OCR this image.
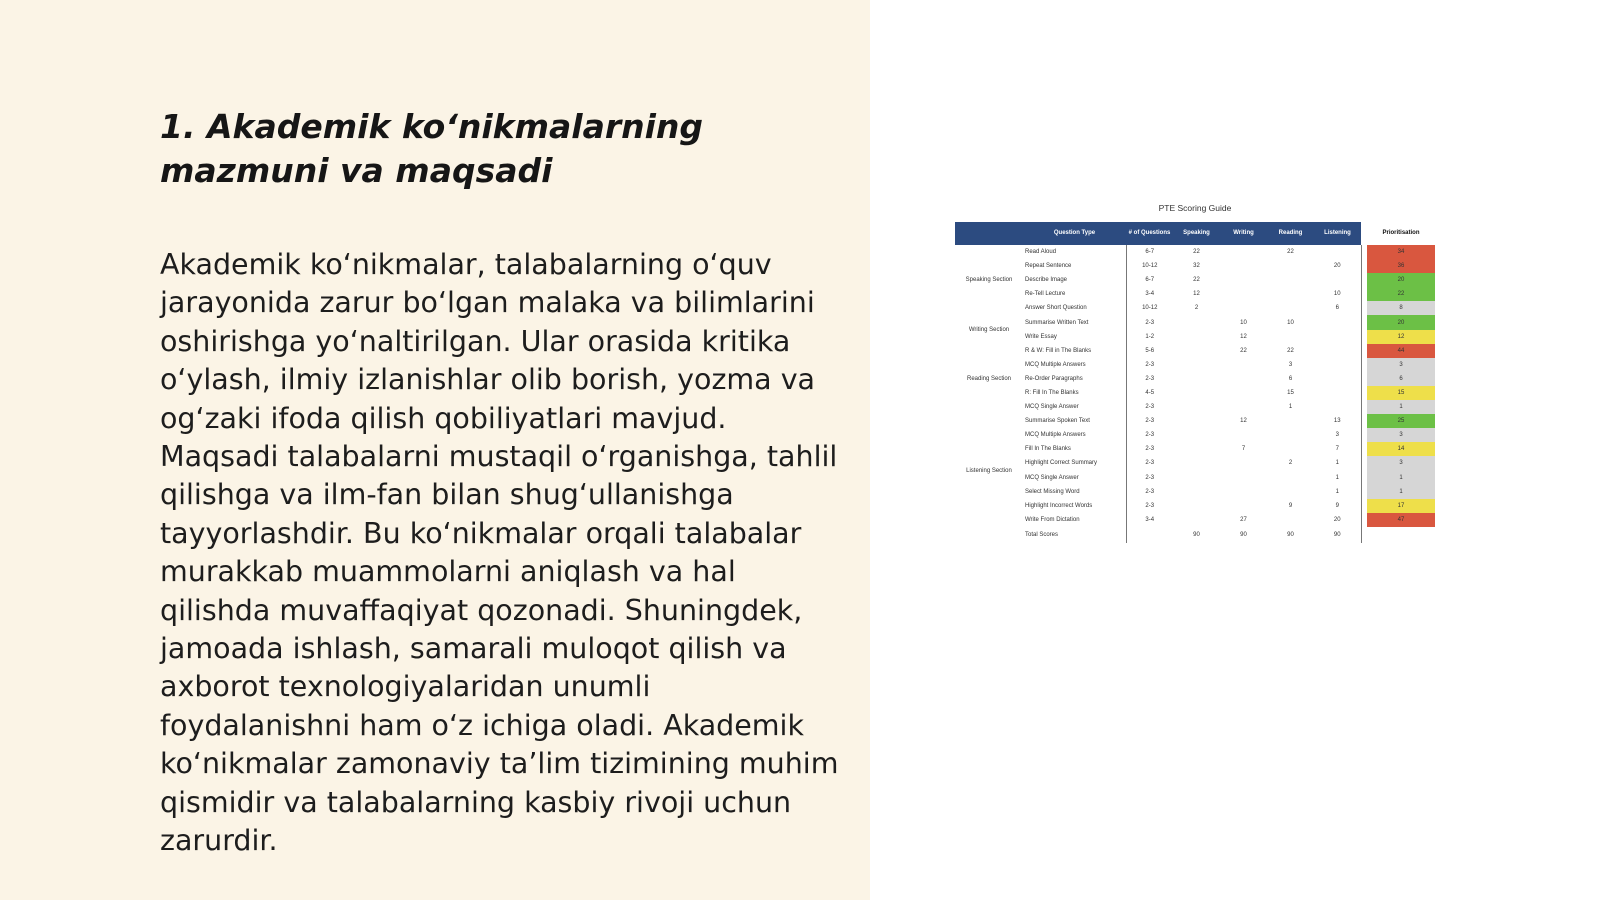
1. Akademik ko‘nikmalarning mazmuni va maqsadi

Akademik ko‘nikmalar, talabalarning o‘quv jarayonida zarur bo‘lgan malaka va bilimlarini oshirishga yo‘naltirilgan. Ular orasida kritika o‘ylash, ilmiy izlanishlar olib borish, yozma va og‘zaki ifoda qilish qobiliyatlari mavjud. Maqsadi talabalarni mustaqil o‘rganishga, tahlil qilishga va ilm-fan bilan shug‘ullanishga tayyorlashdir. Bu ko‘nikmalar orqali talabalar murakkab muammolarni aniqlash va hal qilishda muvaffaqiyat qozonadi. Shuningdek, jamoada ishlash, samarali muloqot qilish va axborot texnologiyalaridan unumli foydalanishni ham o‘z ichiga oladi. Akademik ko‘nikmalar zamonaviy ta’lim tizimining muhim qismidir va talabalarning kasbiy rivoji uchun zarurdir.

PTE Scoring Guide
	Question Type	# of Questions	Speaking	Writing	Reading	Listening		Prioritisation
Speaking Section	Read Aloud	6-7	22		22			34
	Repeat Sentence	10-12	32			20		36
	Describe Image	6-7	22					20
	Re-Tell Lecture	3-4	12			10		22
	Answer Short Question	10-12	2			6		8
Writing Section	Summarise Written Text	2-3		10	10			20
	Write Essay	1-2		12				12
Reading Section	R & W: Fill in The Blanks	5-6		22	22			44
	MCQ Multiple Answers	2-3			3			3
	Re-Order Paragraphs	2-3			6			6
	R: Fill In The Blanks	4-5			15			15
	MCQ Single Answer	2-3			1			1
Listening Section	Summarise Spoken Text	2-3		12		13		25
	MCQ Multiple Answers	2-3				3		3
	Fill In The Blanks	2-3		7		7		14
	Highlight Correct Summary	2-3			2	1		3
	MCQ Single Answer	2-3				1		1
	Select Missing Word	2-3				1		1
	Highlight Incorrect Words	2-3			9	9		17
	Write From Dictation	3-4		27		20		47
	Total Scores		90	90	90	90		
